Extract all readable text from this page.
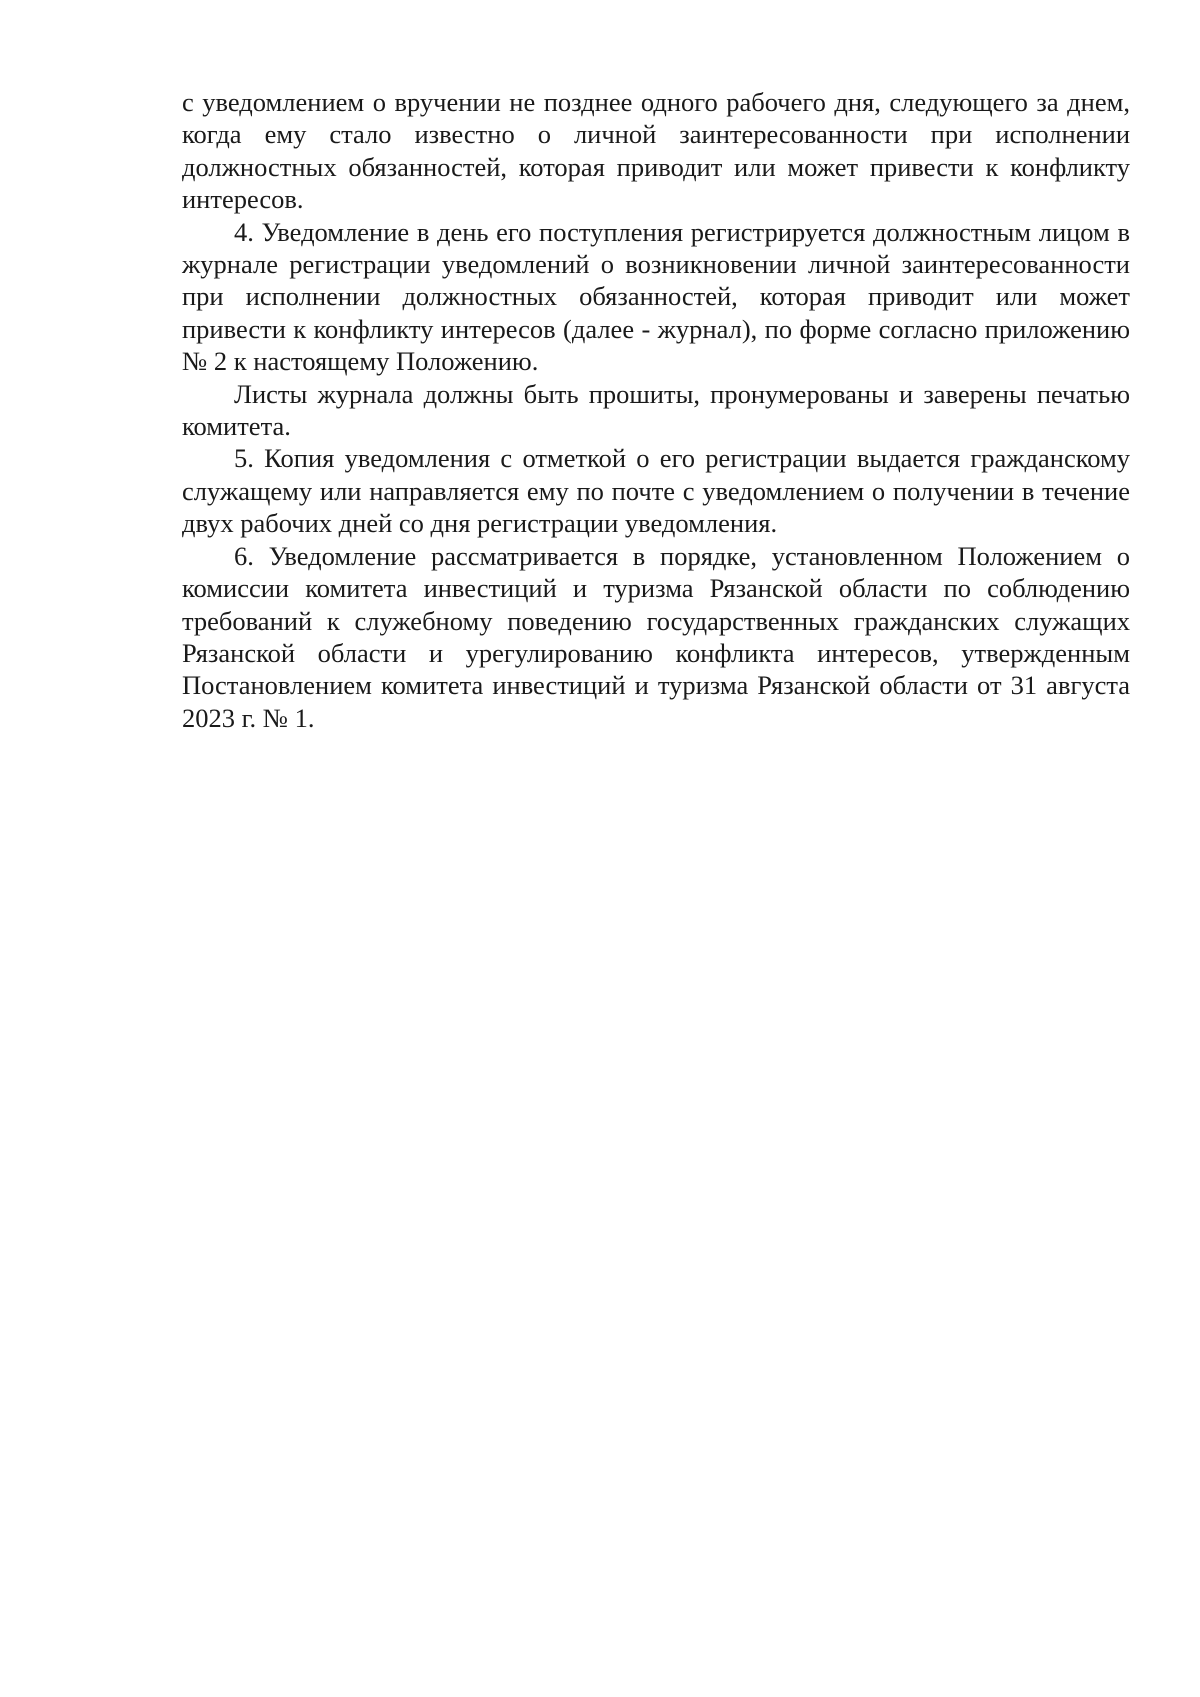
с уведомлением о вручении не позднее одного рабочего дня, следующего за днем, когда ему стало известно о личной заинтересованности при исполнении должностных обязанностей, которая приводит или может привести к конфликту интересов.

4. Уведомление в день его поступления регистрируется должностным лицом в журнале регистрации уведомлений о возникновении личной заинтересованности при исполнении должностных обязанностей, которая приводит или может привести к конфликту интересов (далее - журнал), по форме согласно приложению № 2 к настоящему Положению.

Листы журнала должны быть прошиты, пронумерованы и заверены печатью комитета.

5. Копия уведомления с отметкой о его регистрации выдается гражданскому служащему или направляется ему по почте с уведомлением о получении в течение двух рабочих дней со дня регистрации уведомления.

6. Уведомление рассматривается в порядке, установленном Положением о комиссии комитета инвестиций и туризма Рязанской области по соблюдению требований к служебному поведению государственных гражданских служащих Рязанской области и урегулированию конфликта интересов, утвержденным Постановлением комитета инвестиций и туризма Рязанской области от 31 августа 2023 г. № 1.
